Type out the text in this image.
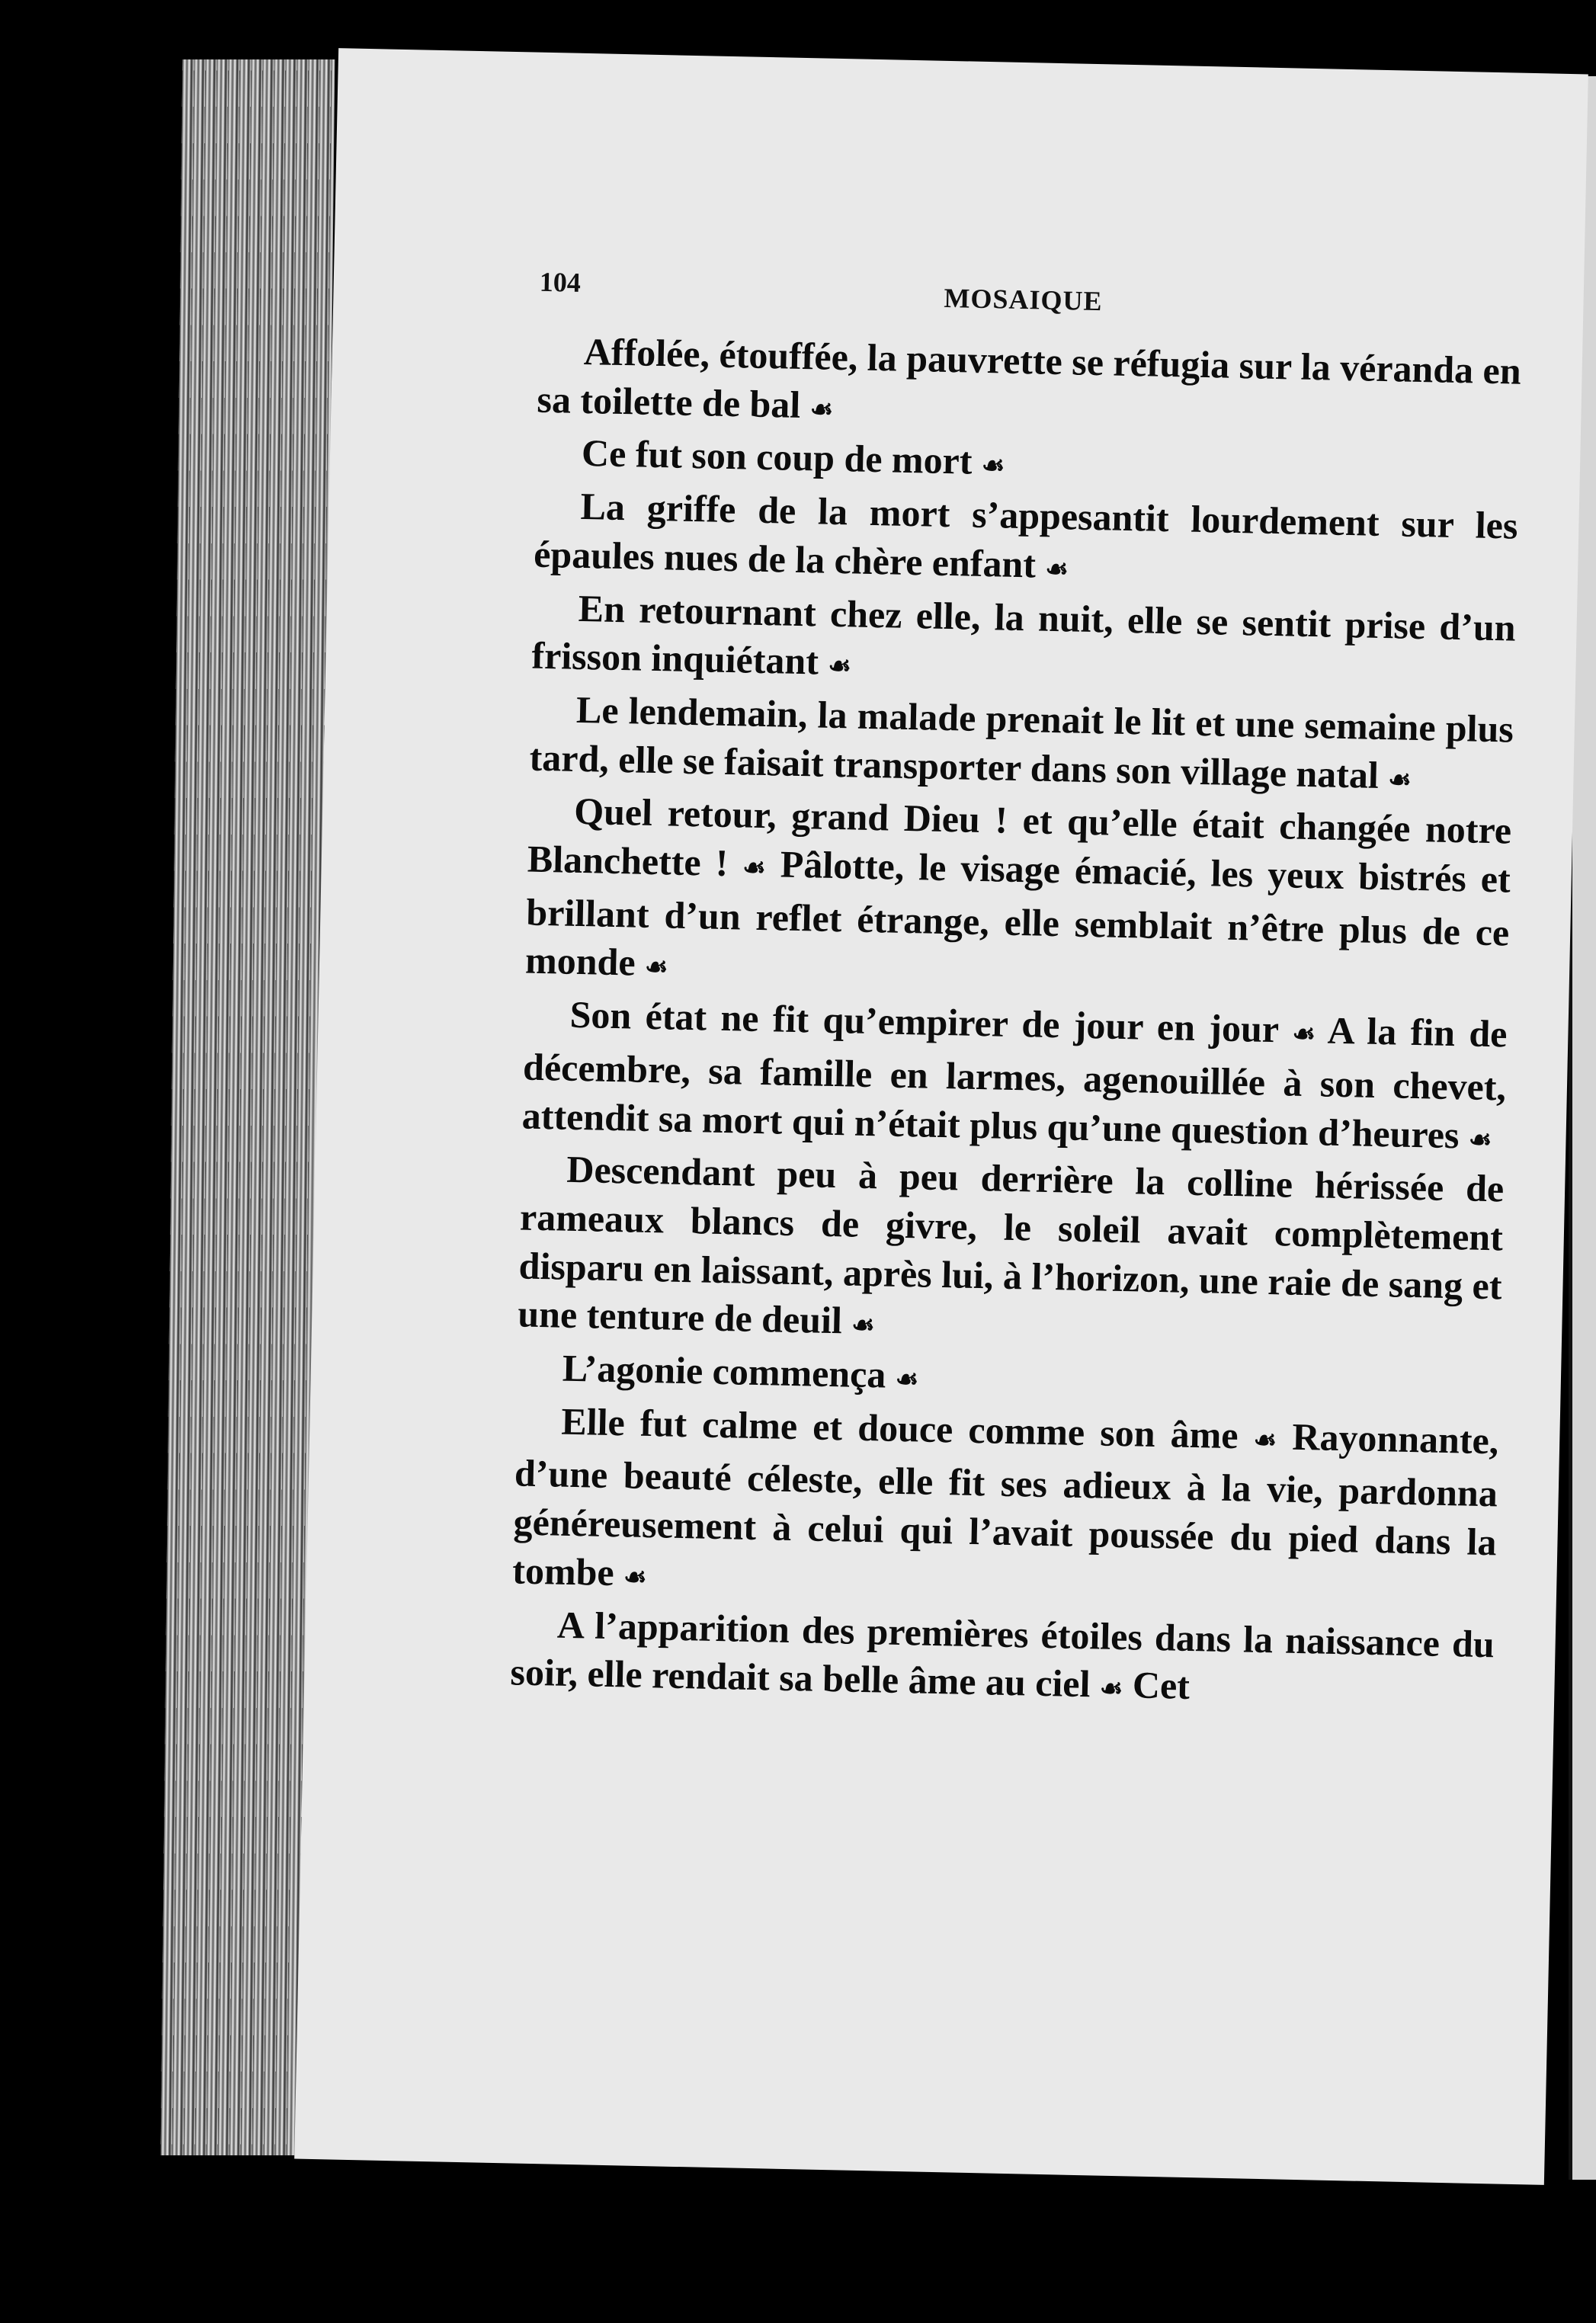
104
MOSAIQUE

Affolée, étouffée, la pauvrette se réfugia sur la véranda en sa toilette de bal ☙

Ce fut son coup de mort ☙

La griffe de la mort s’appesantit lourdement sur les épaules nues de la chère enfant ☙

En retournant chez elle, la nuit, elle se sentit prise d’un frisson inquiétant ☙

Le lendemain, la malade prenait le lit et une semaine plus tard, elle se faisait transporter dans son village natal ☙

Quel retour, grand Dieu ! et qu’elle était changée notre Blanchette ! ☙ Pâlotte, le visage émacié, les yeux bistrés et brillant d’un reflet étrange, elle semblait n’être plus de ce monde ☙

Son état ne fit qu’empirer de jour en jour ☙ A la fin de décembre, sa famille en larmes, agenouillée à son chevet, attendit sa mort qui n’était plus qu’une question d’heures ☙

Descendant peu à peu derrière la colline hérissée de rameaux blancs de givre, le soleil avait complètement disparu en laissant, après lui, à l’horizon, une raie de sang et une tenture de deuil ☙

L’agonie commença ☙

Elle fut calme et douce comme son âme ☙ Rayonnante, d’une beauté céleste, elle fit ses adieux à la vie, pardonna généreusement à celui qui l’avait poussée du pied dans la tombe ☙

A l’apparition des premières étoiles dans la naissance du soir, elle rendait sa belle âme au ciel ☙ Cet
